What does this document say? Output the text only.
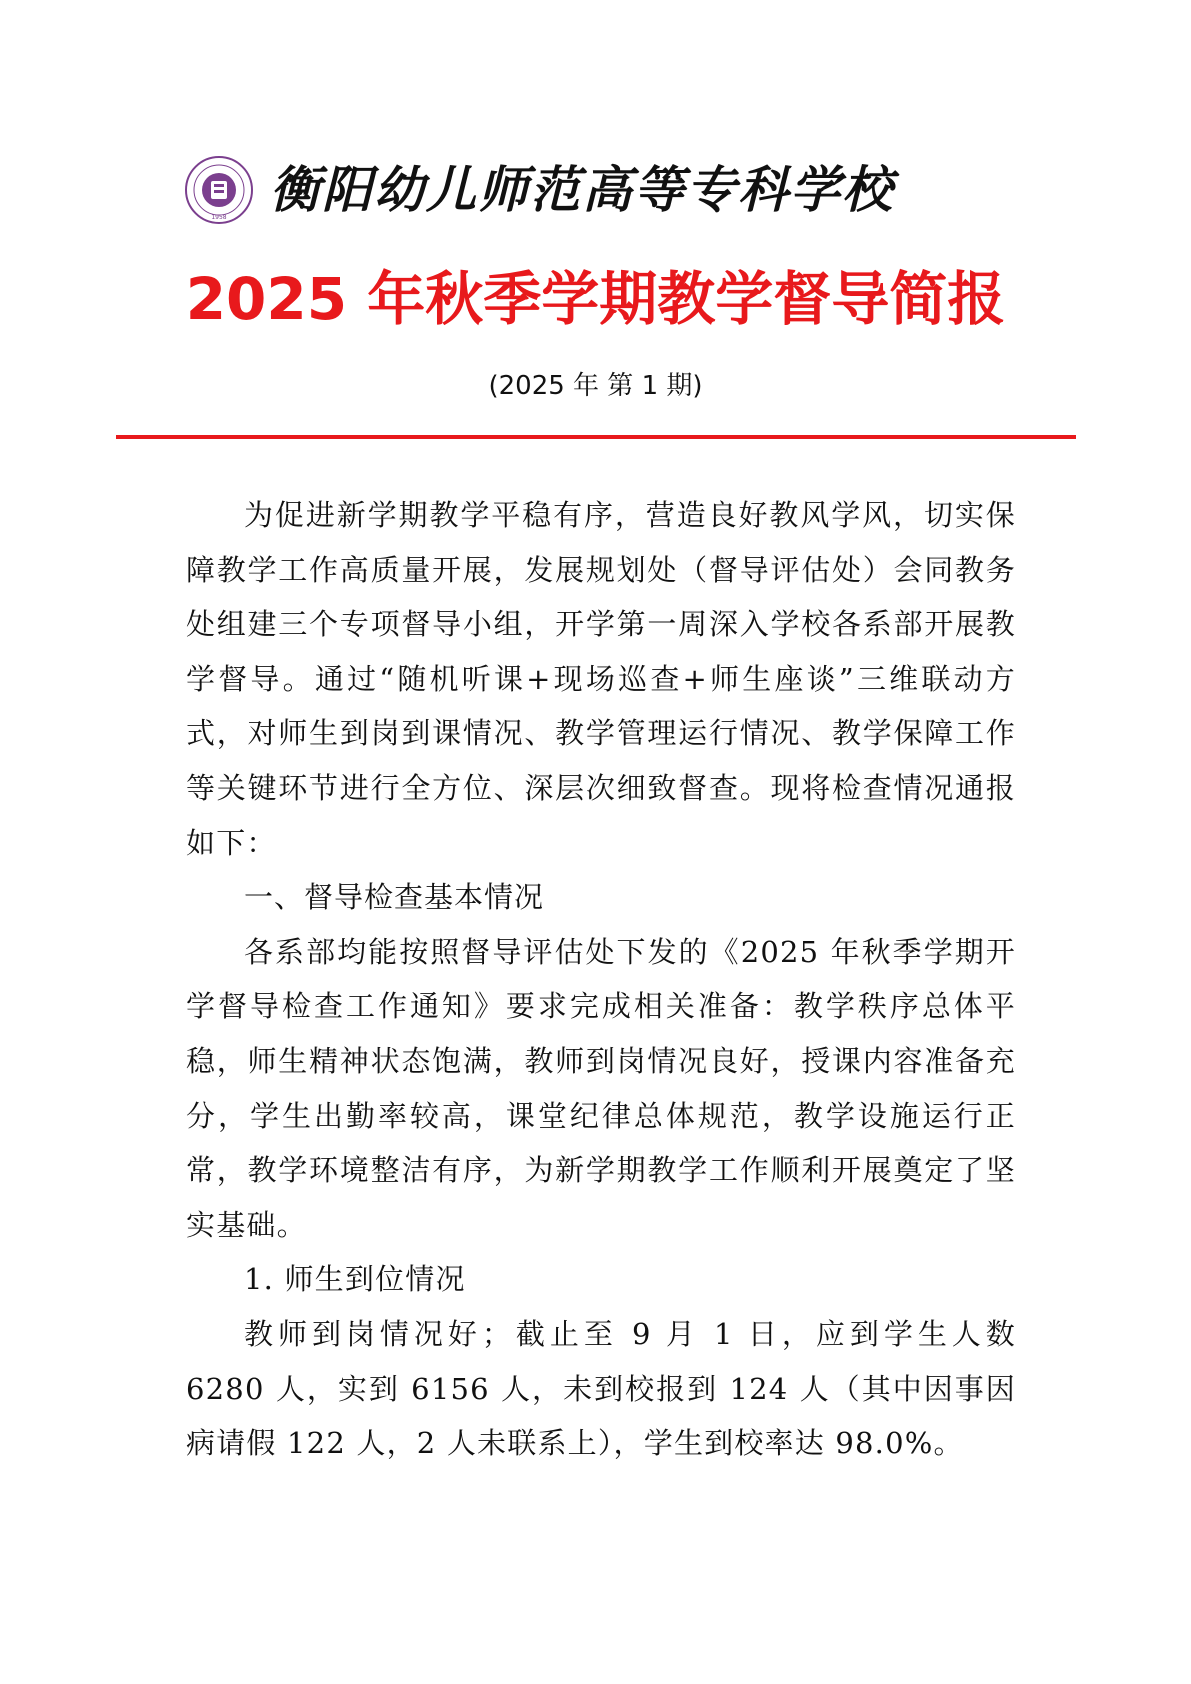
1958 衡阳幼儿师范高等专科学校
2025 年秋季学期教学督导简报
(2025 年 第 1 期)

为促进新学期教学平稳有序，营造良好教风学风，切实保障教学工作高质量开展，发展规划处（督导评估处）会同教务处组建三个专项督导小组，开学第一周深入学校各系部开展教学督导。通过“随机听课+现场巡查+师生座谈”三维联动方式，对师生到岗到课情况、教学管理运行情况、教学保障工作等关键环节进行全方位、深层次细致督查。现将检查情况通报如下：

一、督导检查基本情况

各系部均能按照督导评估处下发的《2025 年秋季学期开学督导检查工作通知》要求完成相关准备：教学秩序总体平稳，师生精神状态饱满，教师到岗情况良好，授课内容准备充分，学生出勤率较高，课堂纪律总体规范，教学设施运行正常，教学环境整洁有序，为新学期教学工作顺利开展奠定了坚实基础。

1. 师生到位情况

教师到岗情况好；截止至 9 月 1 日，应到学生人数 6280 人，实到 6156 人，未到校报到 124 人（其中因事因病请假 122 人，2 人未联系上），学生到校率达 98.0%。
